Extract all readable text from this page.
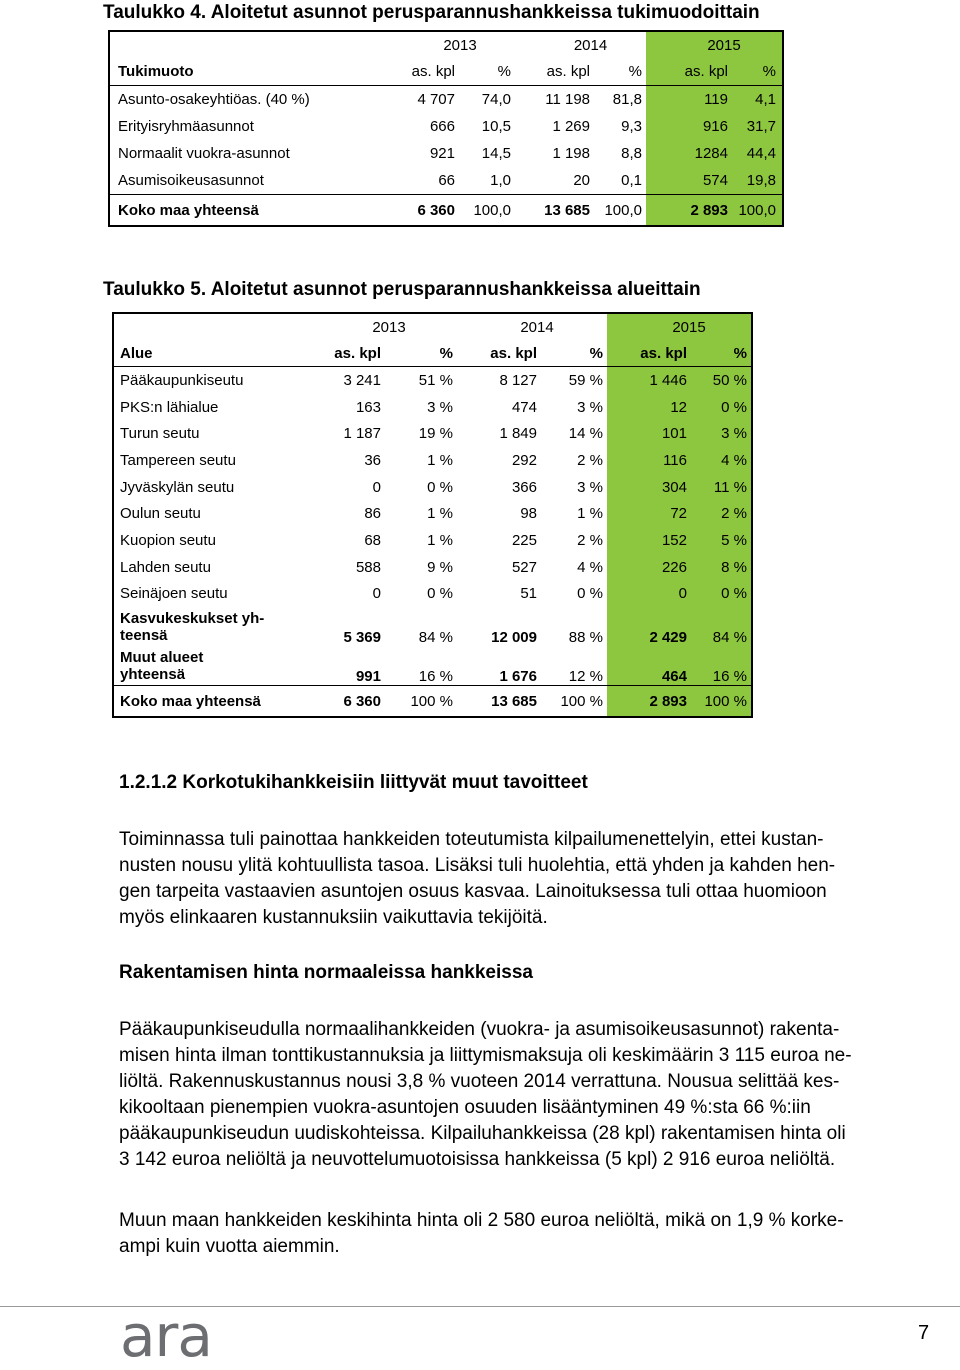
Taulukko 4. Aloitetut asunnot perusparannushankkeissa tukimuodoittain
	2013		2014		2015	
Tukimuoto	as. kpl	%	as. kpl	%	as. kpl	%
Asunto-osakeyhtiöas. (40 %)	4 707	74,0	11 198	81,8	119	4,1
Erityisryhmäasunnot	666	10,5	1 269	9,3	916	31,7
Normaalit vuokra-asunnot	921	14,5	1 198	8,8	1284	44,4
Asumisoikeusasunnot	66	1,0	20	0,1	574	19,8
Koko maa yhteensä	6 360	100,0	13 685	100,0	2 893	100,0
Taulukko 5. Aloitetut asunnot perusparannushankkeissa alueittain
	2013		2014		2015	
Alue	as. kpl	%	as. kpl	%	as. kpl	%
Pääkaupunkiseutu	3 241	51 %	8 127	59 %	1 446	50 %
PKS:n lähialue	163	3 %	474	3 %	12	0 %
Turun seutu	1 187	19 %	1 849	14 %	101	3 %
Tampereen seutu	36	1 %	292	2 %	116	4 %
Jyväskylän seutu	0	0 %	366	3 %	304	11 %
Oulun seutu	86	1 %	98	1 %	72	2 %
Kuopion seutu	68	1 %	225	2 %	152	5 %
Lahden seutu	588	9 %	527	4 %	226	8 %
Seinäjoen seutu	0	0 %	51	0 %	0	0 %
Kasvukeskukset yh-
teensä	5 369	84 %	12 009	88 %	2 429	84 %
Muut alueet
yhteensä	991	16 %	1 676	12 %	464	16 %
Koko maa yhteensä	6 360	100 %	13 685	100 %	2 893	100 %
1.2.1.2 Korkotukihankkeisiin liittyvät muut tavoitteet
Toiminnassa tuli painottaa hankkeiden toteutumista kilpailumenettelyin, ettei kustan-
nusten nousu ylitä kohtuullista tasoa. Lisäksi tuli huolehtia, että yhden ja kahden hen-
gen tarpeita vastaavien asuntojen osuus kasvaa. Lainoituksessa tuli ottaa huomioon
myös elinkaaren kustannuksiin vaikuttavia tekijöitä.
Rakentamisen hinta normaaleissa hankkeissa
Pääkaupunkiseudulla normaalihankkeiden (vuokra- ja asumisoikeusasunnot) rakenta-
misen hinta ilman tonttikustannuksia ja liittymismaksuja oli keskimäärin 3 115 euroa ne-
liöltä. Rakennuskustannus nousi 3,8 % vuoteen 2014 verrattuna. Nousua selittää kes-
kikooltaan pienempien vuokra-asuntojen osuuden lisääntyminen 49 %:sta 66 %:iin
pääkaupunkiseudun uudiskohteissa. Kilpailuhankkeissa (28 kpl) rakentamisen hinta oli
3 142 euroa neliöltä ja neuvottelumuotoisissa hankkeissa (5 kpl) 2 916 euroa neliöltä.
Muun maan hankkeiden keskihinta hinta oli 2 580 euroa neliöltä, mikä on 1,9 % korke-
ampi kuin vuotta aiemmin.
ara	7
